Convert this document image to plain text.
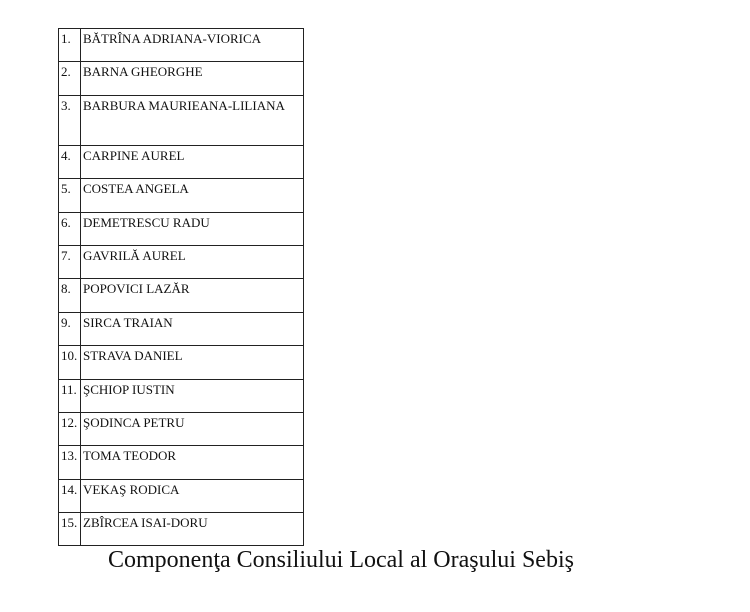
1.	BĂTRÎNA ADRIANA-VIORICA
2.	BARNA GHEORGHE
3.	BARBURA MAURIEANA-LILIANA
4.	CARPINE AUREL
5.	COSTEA ANGELA
6.	DEMETRESCU RADU
7.	GAVRILĂ AUREL
8.	POPOVICI LAZĂR
9.	SIRCA TRAIAN
10.	STRAVA DANIEL
11.	ŞCHIOP IUSTIN
12.	ŞODINCA PETRU
13.	TOMA TEODOR
14.	VEKAŞ RODICA
15.	ZBÎRCEA ISAI-DORU
Componenţa Consiliului Local al Oraşului Sebiş
